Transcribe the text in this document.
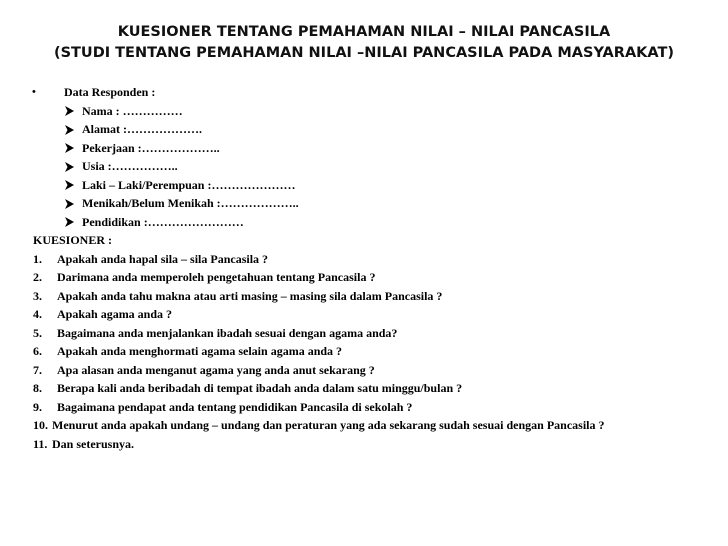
KUESIONER TENTANG PEMAHAMAN NILAI – NILAI PANCASILA
(STUDI TENTANG PEMAHAMAN NILAI –NILAI PANCASILA PADA MASYARAKAT)
• Data Responden :
Nama : ……………
Alamat :……………….
Pekerjaan :………………..
Usia :……………..
Laki – Laki/Perempuan :…………………
Menikah/Belum Menikah :………………..
Pendidikan :……………………
KUESIONER :
1. Apakah anda hapal sila – sila Pancasila ?
2. Darimana anda memperoleh pengetahuan tentang Pancasila ?
3. Apakah anda tahu makna atau arti masing – masing sila dalam Pancasila ?
4. Apakah agama anda ?
5. Bagaimana anda menjalankan ibadah sesuai dengan agama anda?
6. Apakah anda menghormati agama selain agama anda ?
7. Apa alasan anda menganut agama yang anda anut sekarang ?
8. Berapa kali anda beribadah di tempat ibadah anda dalam satu minggu/bulan ?
9. Bagaimana pendapat anda tentang pendidikan Pancasila di sekolah ?
10. Menurut anda apakah undang – undang dan peraturan yang ada sekarang sudah sesuai dengan Pancasila ?
11. Dan seterusnya.
